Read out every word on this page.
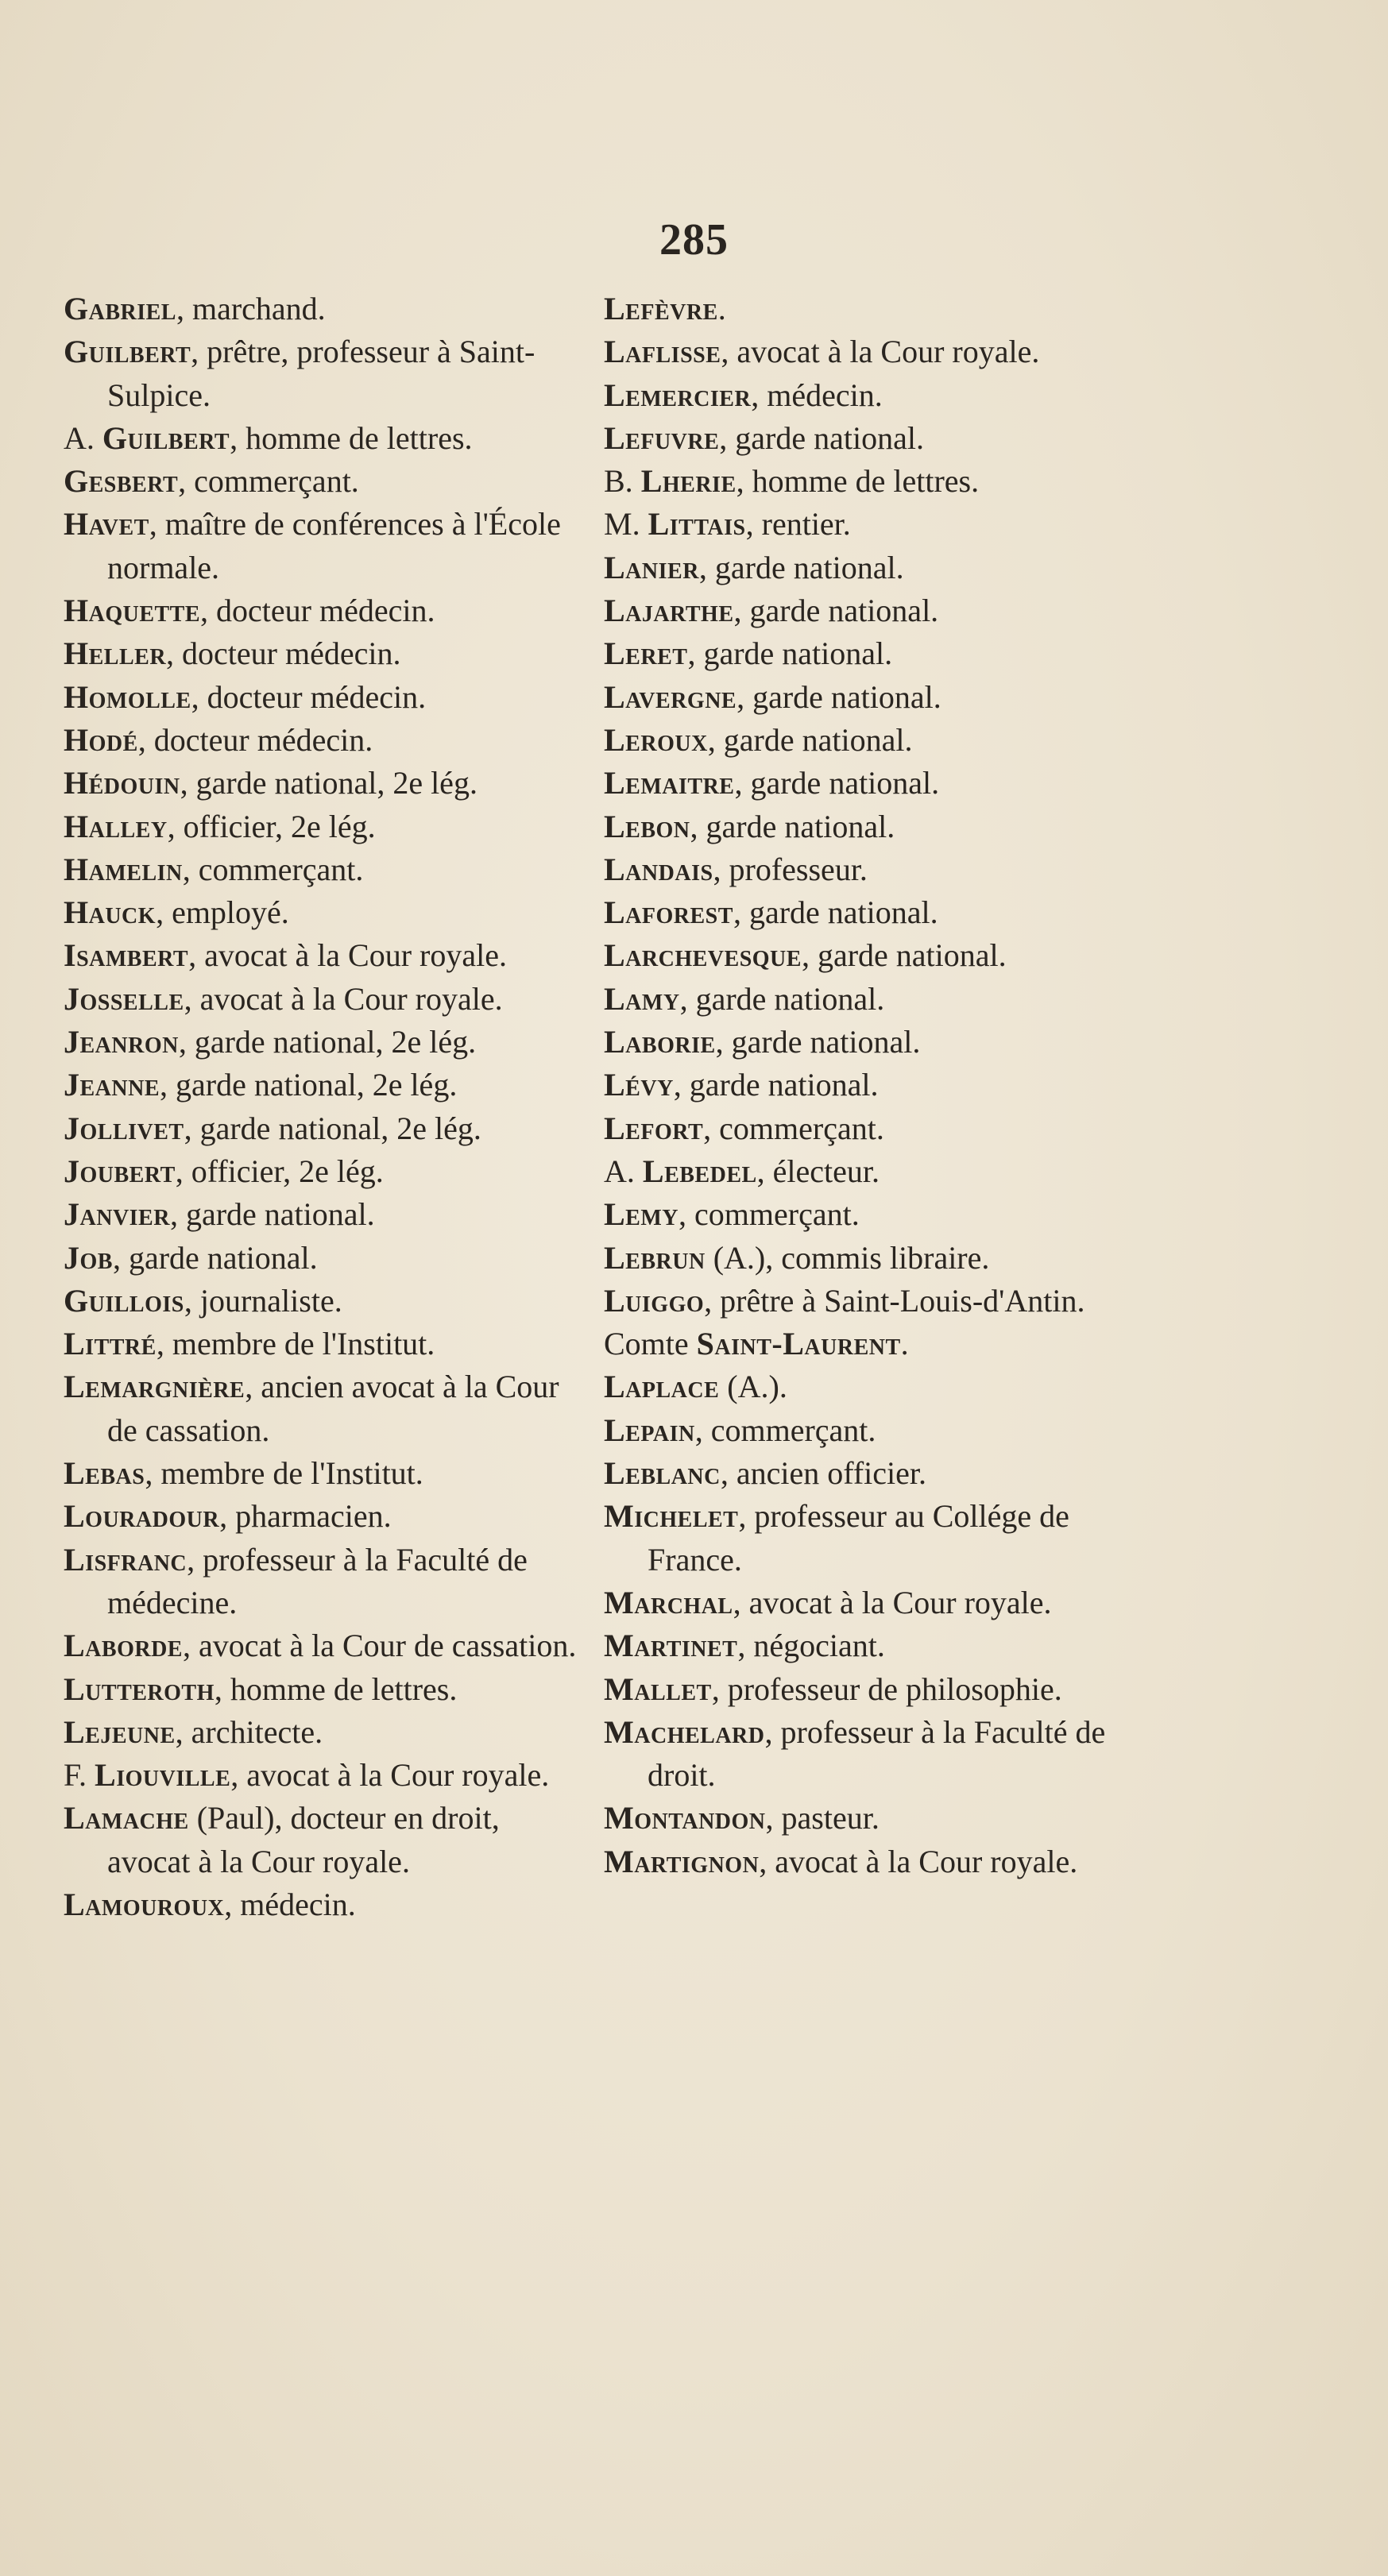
285
Gabriel, marchand.
Guilbert, prêtre, professeur à Saint-Sulpice.
A. Guilbert, homme de lettres.
Gesbert, commerçant.
Havet, maître de conférences à l'École normale.
Haquette, docteur médecin.
Heller, docteur médecin.
Homolle, docteur médecin.
Hodé, docteur médecin.
Hédouin, garde national, 2e lég.
Halley, officier, 2e lég.
Hamelin, commerçant.
Hauck, employé.
Isambert, avocat à la Cour royale.
Josselle, avocat à la Cour royale.
Jeanron, garde national, 2e lég.
Jeanne, garde national, 2e lég.
Jollivet, garde national, 2e lég.
Joubert, officier, 2e lég.
Janvier, garde national.
Job, garde national.
Guillois, journaliste.
Littré, membre de l'Institut.
Lemargnière, ancien avocat à la Cour de cassation.
Lebas, membre de l'Institut.
Louradour, pharmacien.
Lisfranc, professeur à la Faculté de médecine.
Laborde, avocat à la Cour de cassation.
Lutteroth, homme de lettres.
Lejeune, architecte.
F. Liouville, avocat à la Cour royale.
Lamache (Paul), docteur en droit, avocat à la Cour royale.
Lamouroux, médecin.
Lefèvre.
Laflisse, avocat à la Cour royale.
Lemercier, médecin.
Lefuvre, garde national.
B. Lherie, homme de lettres.
M. Littais, rentier.
Lanier, garde national.
Lajarthe, garde national.
Leret, garde national.
Lavergne, garde national.
Leroux, garde national.
Lemaitre, garde national.
Lebon, garde national.
Landais, professeur.
Laforest, garde national.
Larchevesque, garde national.
Lamy, garde national.
Laborie, garde national.
Lévy, garde national.
Lefort, commerçant.
A. Lebedel, électeur.
Lemy, commerçant.
Lebrun (A.), commis libraire.
Luiggo, prêtre à Saint-Louis-d'Antin.
Comte Saint-Laurent.
Laplace (A.).
Lepain, commerçant.
Leblanc, ancien officier.
Michelet, professeur au Collége de France.
Marchal, avocat à la Cour royale.
Martinet, négociant.
Mallet, professeur de philosophie.
Machelard, professeur à la Faculté de droit.
Montandon, pasteur.
Martignon, avocat à la Cour royale.
